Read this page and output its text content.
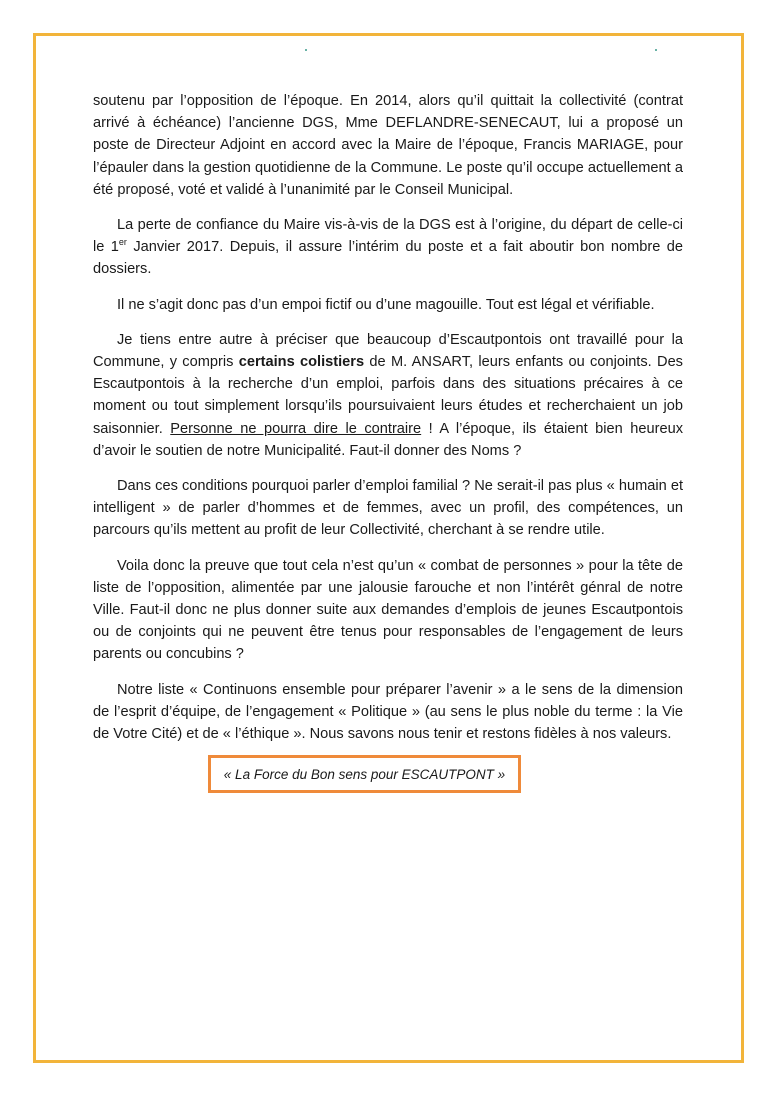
soutenu par l’opposition de l’époque. En 2014, alors qu’il quittait la collectivité (contrat arrivé à échéance) l’ancienne DGS, Mme DEFLANDRE-SENECAUT, lui a proposé un poste de Directeur Adjoint en accord avec la Maire de l’époque, Francis MARIAGE, pour l’épauler dans la gestion quotidienne de la Commune. Le poste qu’il occupe actuellement a été proposé, voté et validé à l’unanimité par le Conseil Municipal.

La perte de confiance du Maire vis-à-vis de la DGS est à l’origine, du départ de celle-ci le 1er Janvier 2017. Depuis, il assure l’intérim du poste et a fait aboutir bon nombre de dossiers.

Il ne s’agit donc pas d’un empoi fictif ou d’une magouille. Tout est légal et vérifiable.

Je tiens entre autre à préciser que beaucoup d’Escautpontois ont travaillé pour la Commune, y compris certains colistiers de M. ANSART, leurs enfants ou conjoints. Des Escautpontois à la recherche d’un emploi, parfois dans des situations précaires à ce moment ou tout simplement lorsqu’ils poursuivaient leurs études et recherchaient un job saisonnier. Personne ne pourra dire le contraire ! A l’époque, ils étaient bien heureux d’avoir le soutien de notre Municipalité. Faut-il donner des Noms ?

Dans ces conditions pourquoi parler d’emploi familial ? Ne serait-il pas plus « humain et intelligent » de parler d’hommes et de femmes, avec un profil, des compétences, un parcours qu’ils mettent au profit de leur Collectivité, cherchant à se rendre utile.

Voila donc la preuve que tout cela n’est qu’un « combat de personnes » pour la tête de liste de l’opposition, alimentée par une jalousie farouche et non l’intérêt génral de notre Ville. Faut-il donc ne plus donner suite aux demandes d’emplois de jeunes Escautpontois ou de conjoints qui ne peuvent être tenus pour responsables de l’engagement de leurs parents ou concubins ?

Notre liste « Continuons ensemble pour préparer l’avenir » a le sens de la dimension de l’esprit d’équipe, de l’engagement « Politique » (au sens le plus noble du terme : la Vie de Votre Cité) et de « l’éthique ». Nous savons nous tenir et restons fidèles à nos valeurs.

« La Force du Bon sens pour ESCAUTPONT »
